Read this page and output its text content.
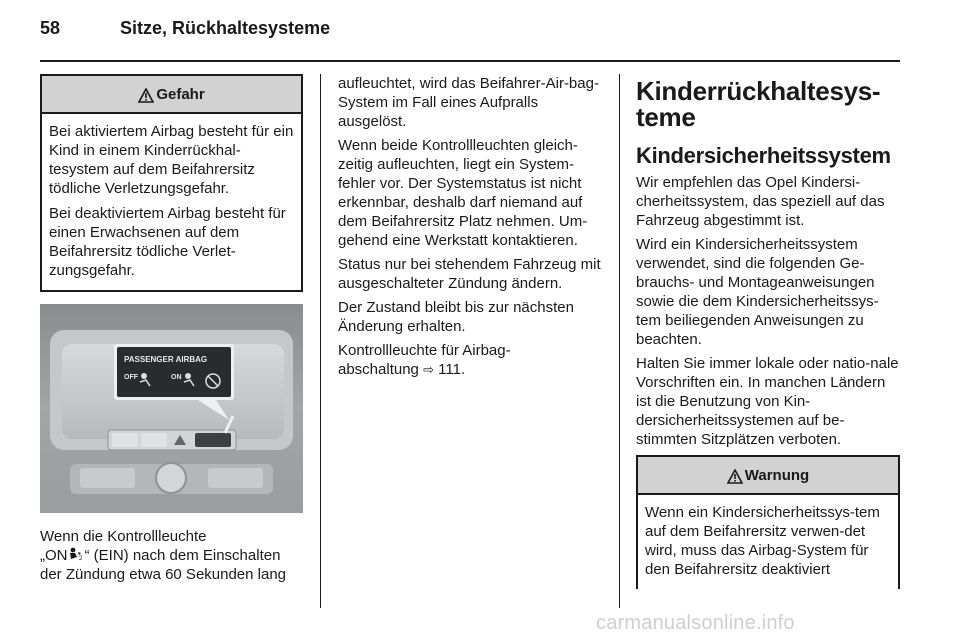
58	Sitze, Rückhaltesysteme
Gefahr

Bei aktiviertem Airbag besteht für ein Kind in einem Kinderrückhal-tesystem auf dem Beifahrersitz tödliche Verletzungsgefahr.

Bei deaktiviertem Airbag besteht für einen Erwachsenen auf dem Beifahrersitz tödliche Verlet-zungsgefahr.

PASSENGER AIRBAG
OFF	ON
Wenn die Kontrollleuchte
„ON 2 “ (EIN) nach dem Einschalten
der Zündung etwa 60 Sekunden lang

aufleuchtet, wird das Beifahrer-Air-bag-System im Fall eines Aufpralls ausgelöst.

Wenn beide Kontrollleuchten gleich-zeitig aufleuchten, liegt ein System-fehler vor. Der Systemstatus ist nicht erkennbar, deshalb darf niemand auf dem Beifahrersitz Platz nehmen. Um-gehend eine Werkstatt kontaktieren.

Status nur bei stehendem Fahrzeug mit ausgeschalteter Zündung ändern.

Der Zustand bleibt bis zur nächsten Änderung erhalten.

Kontrollleuchte für Airbag-
abschaltung ⇨ 111.

Kinderrückhaltesys-teme
Kindersicherheitssystem

Wir empfehlen das Opel Kindersi-cherheitssystem, das speziell auf das Fahrzeug abgestimmt ist.

Wird ein Kindersicherheitssystem verwendet, sind die folgenden Ge-brauchs- und Montageanweisungen sowie die dem Kindersicherheitssys-tem beiliegenden Anweisungen zu beachten.

Halten Sie immer lokale oder natio-nale Vorschriften ein. In manchen Ländern ist die Benutzung von Kin-dersicherheitssystemen auf be-stimmten Sitzplätzen verboten.

Warnung

Wenn ein Kindersicherheitssys-tem auf dem Beifahrersitz verwen-det wird, muss das Airbag-System für den Beifahrersitz deaktiviert

carmanualsonline.info
